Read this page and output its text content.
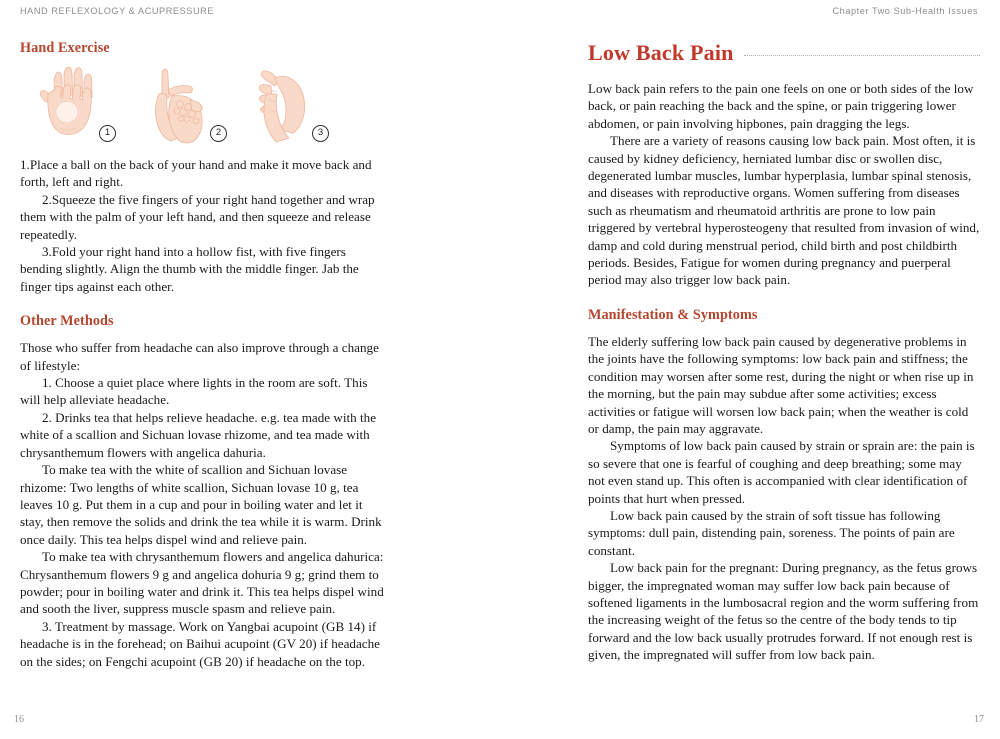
HAND REFLEXOLOGY & ACUPRESSURE
Hand Exercise
1	2	3

1.Place a ball on the back of your hand and make it move back and forth, left and right.

2.Squeeze the five fingers of your right hand together and wrap them with the palm of your left hand, and then squeeze and release repeatedly.

3.Fold your right hand into a hollow fist, with five fingers bending slightly. Align the thumb with the middle finger. Jab the finger tips against each other.

Other Methods

Those who suffer from headache can also improve through a change of lifestyle:

1. Choose a quiet place where lights in the room are soft. This will help alleviate headache.

2. Drinks tea that helps relieve headache. e.g. tea made with the white of a scallion and Sichuan lovase rhizome, and tea made with chrysanthemum flowers with angelica dahuria.

To make tea with the white of scallion and Sichuan lovase rhizome: Two lengths of white scallion, Sichuan lovase 10 g, tea leaves 10 g. Put them in a cup and pour in boiling water and let it stay, then remove the solids and drink the tea while it is warm. Drink once daily. This tea helps dispel wind and relieve pain.

To make tea with chrysanthemum flowers and angelica dahurica: Chrysanthemum flowers 9 g and angelica dohuria 9 g; grind them to powder; pour in boiling water and drink it. This tea helps dispel wind and sooth the liver, suppress muscle spasm and relieve pain.

3. Treatment by massage. Work on Yangbai acupoint (GB 14) if headache is in the forehead; on Baihui acupoint (GV 20) if headache on the sides; on Fengchi acupoint (GB 20) if headache on the top.

16
Chapter Two Sub-Health Issues
Low Back Pain

Low back pain refers to the pain one feels on one or both sides of the low back, or pain reaching the back and the spine, or pain triggering lower abdomen, or pain involving hipbones, pain dragging the legs.

There are a variety of reasons causing low back pain. Most often, it is caused by kidney deficiency, herniated lumbar disc or swollen disc, degenerated lumbar muscles, lumbar hyperplasia, lumbar spinal stenosis, and diseases with reproductive organs. Women suffering from diseases such as rheumatism and rheumatoid arthritis are prone to low pain triggered by vertebral hyperosteogeny that resulted from invasion of wind, damp and cold during menstrual period, child birth and post childbirth periods. Besides, Fatigue for women during pregnancy and puerperal period may also trigger low back pain.

Manifestation & Symptoms

The elderly suffering low back pain caused by degenerative problems in the joints have the following symptoms: low back pain and stiffness; the condition may worsen after some rest, during the night or when rise up in the morning, but the pain may subdue after some activities; excess activities or fatigue will worsen low back pain; when the weather is cold or damp, the pain may aggravate.

Symptoms of low back pain caused by strain or sprain are: the pain is so severe that one is fearful of coughing and deep breathing; some may not even stand up. This often is accompanied with clear identification of points that hurt when pressed.

Low back pain caused by the strain of soft tissue has following symptoms: dull pain, distending pain, soreness. The points of pain are constant.

Low back pain for the pregnant: During pregnancy, as the fetus grows bigger, the impregnated woman may suffer low back pain because of softened ligaments in the lumbosacral region and the worm suffering from the increasing weight of the fetus so the centre of the body tends to tip forward and the low back usually protrudes forward. If not enough rest is given, the impregnated will suffer from low back pain.

17
